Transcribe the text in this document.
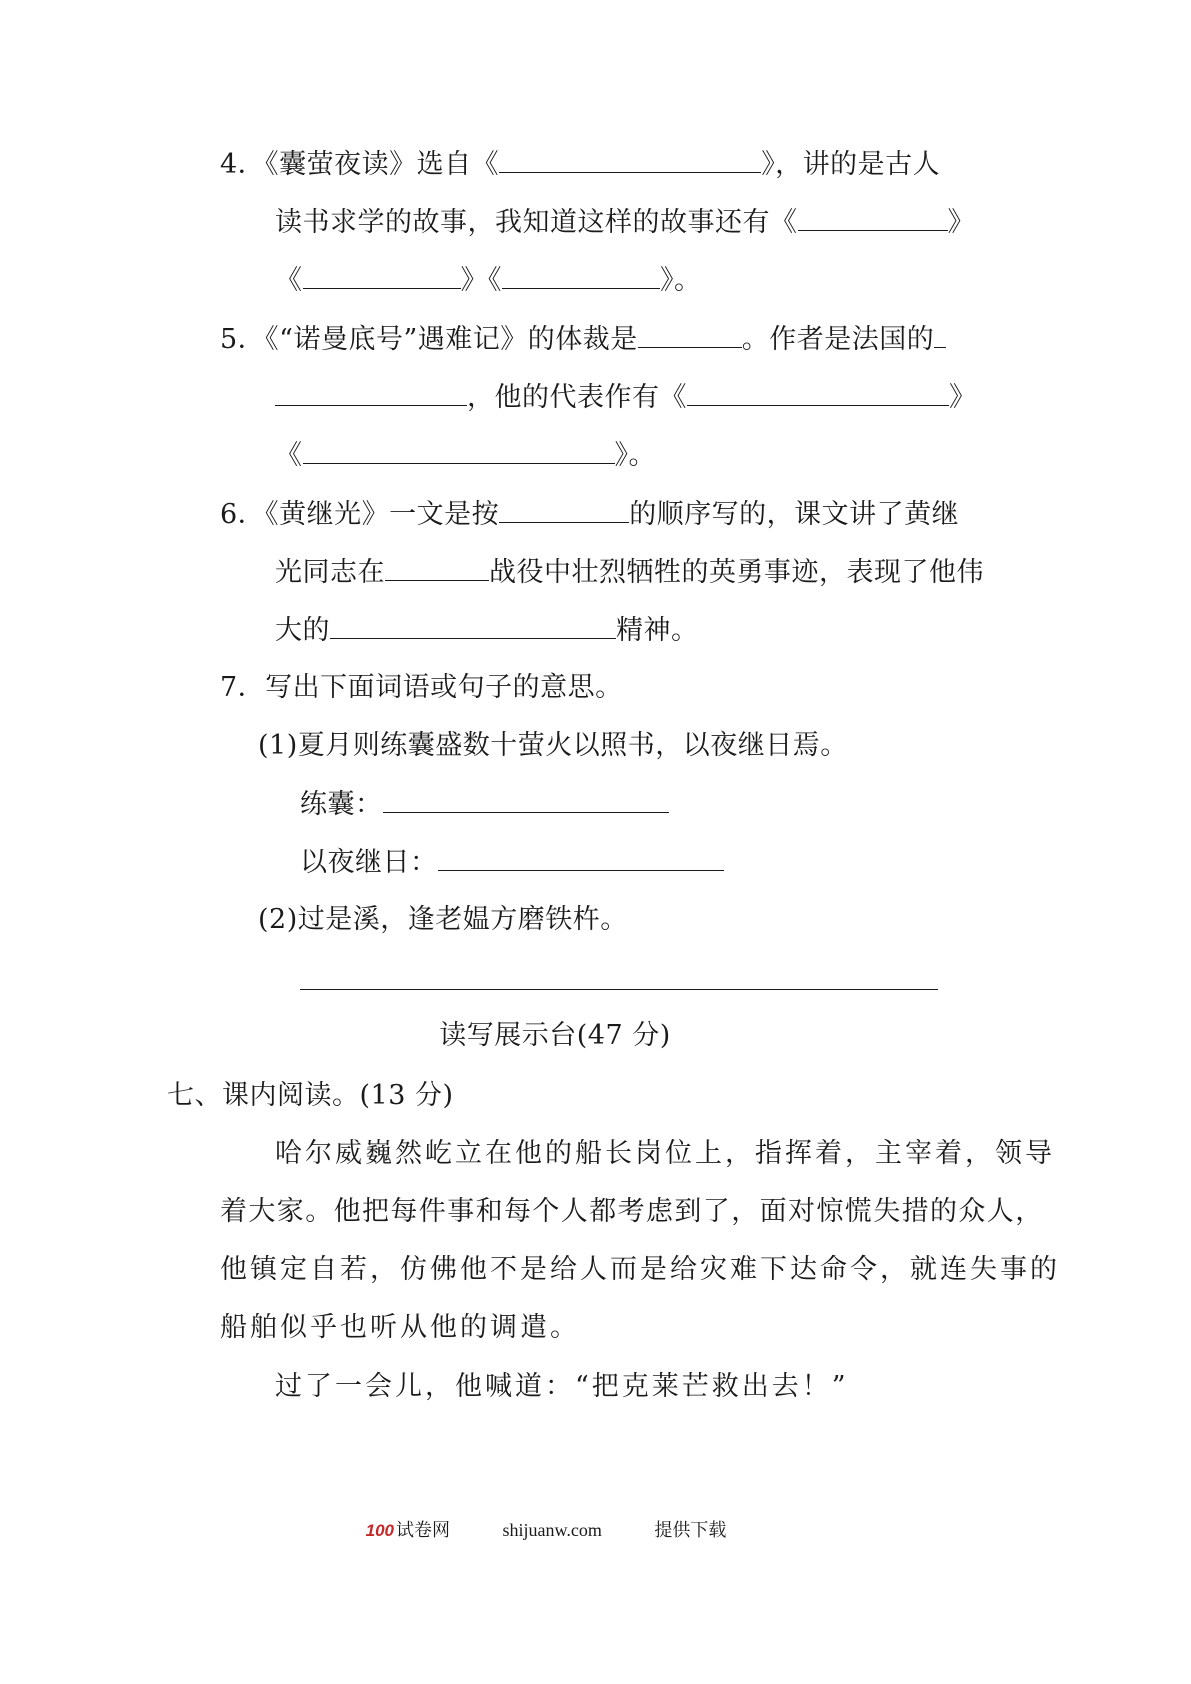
4．《囊萤夜读》选自《	》，讲的是古人
读书求学的故事，我知道这样的故事还有《	》
《	》《	》。
5．《“诺曼底号”遇难记》的体裁是	。作者是法国的
，他的代表作有《	》
《	》。
6．《黄继光》一文是按	的顺序写的，课文讲了黄继
光同志在	战役中壮烈牺牲的英勇事迹，表现了他伟
大的	精神。
7．写出下面词语或句子的意思。
(1)夏月则练囊盛数十萤火以照书，以夜继日焉。
练囊：
以夜继日：
(2)过是溪，逢老媪方磨铁杵。
读写展示台(47 分)
七、课内阅读。(13 分)
哈尔威巍然屹立在他的船长岗位上，指挥着，主宰着，领导
着大家。他把每件事和每个人都考虑到了，面对惊慌失措的众人，
他镇定自若，仿佛他不是给人而是给灾难下达命令，就连失事的
船舶似乎也听从他的调遣。
过了一会儿，他喊道：“把克莱芒救出去！”
100 试卷网	shijuanw.com	提供下载
